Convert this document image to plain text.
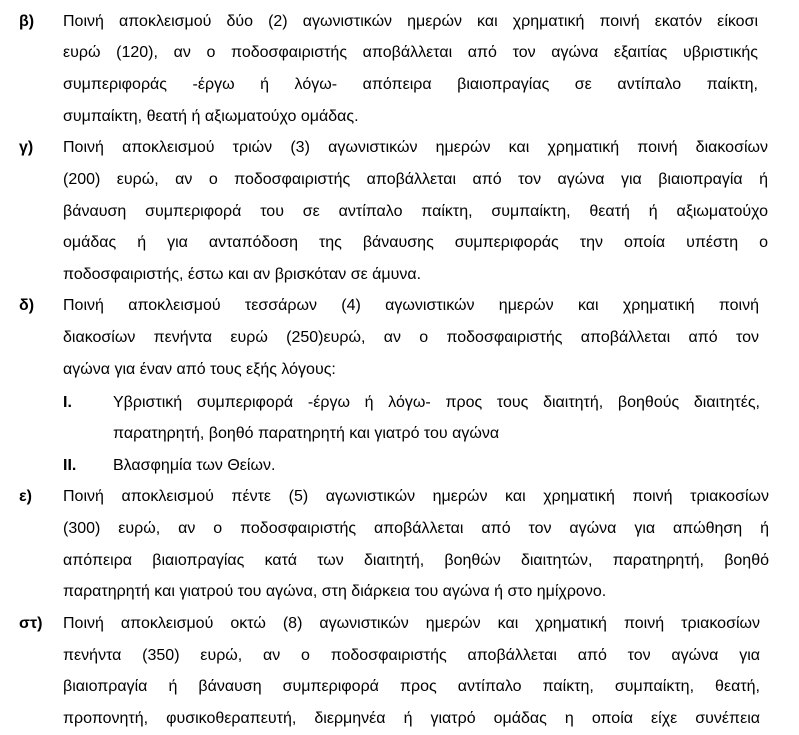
β) Ποινή αποκλεισμού δύο (2) αγωνιστικών ημερών και χρηματική ποινή εκατόν είκοσι
ευρώ (120), αν ο ποδοσφαιριστής αποβάλλεται από τον αγώνα εξαιτίας υβριστικής
συμπεριφοράς -έργω ή λόγω- απόπειρα βιαιοπραγίας σε αντίπαλο παίκτη,
συμπαίκτη, θεατή ή αξιωματούχο ομάδας.
γ) Ποινή αποκλεισμού τριών (3) αγωνιστικών ημερών και χρηματική ποινή διακοσίων
(200) ευρώ, αν ο ποδοσφαιριστής αποβάλλεται από τον αγώνα για βιαιοπραγία ή
βάναυση συμπεριφορά του σε αντίπαλο παίκτη, συμπαίκτη, θεατή ή αξιωματούχο
ομάδας ή για ανταπόδοση της βάναυσης συμπεριφοράς την οποία υπέστη ο
ποδοσφαιριστής, έστω και αν βρισκόταν σε άμυνα.
δ) Ποινή αποκλεισμού τεσσάρων (4) αγωνιστικών ημερών και χρηματική ποινή
διακοσίων πενήντα ευρώ (250)ευρώ, αν ο ποδοσφαιριστής αποβάλλεται από τον
αγώνα για έναν από τους εξής λόγους:
I.	Υβριστική συμπεριφορά -έργω ή λόγω- προς τους διαιτητή, βοηθούς διαιτητές,
παρατηρητή, βοηθό παρατηρητή και γιατρό του αγώνα
II. Βλασφημία των Θείων.
ε) Ποινή αποκλεισμού πέντε (5) αγωνιστικών ημερών και χρηματική ποινή τριακοσίων
(300) ευρώ, αν ο ποδοσφαιριστής αποβάλλεται από τον αγώνα για απώθηση ή
απόπειρα βιαιοπραγίας κατά των διαιτητή, βοηθών διαιτητών, παρατηρητή, βοηθό
παρατηρητή και γιατρού του αγώνα, στη διάρκεια του αγώνα ή στο ημίχρονο.
στ) Ποινή αποκλεισμού οκτώ (8) αγωνιστικών ημερών και χρηματική ποινή τριακοσίων
πενήντα (350) ευρώ, αν ο ποδοσφαιριστής αποβάλλεται από τον αγώνα για
βιαιοπραγία ή βάναυση συμπεριφορά προς αντίπαλο παίκτη, συμπαίκτη, θεατή,
προπονητή, φυσικοθεραπευτή, διερμηνέα ή γιατρό ομάδας η οποία είχε συνέπεια
